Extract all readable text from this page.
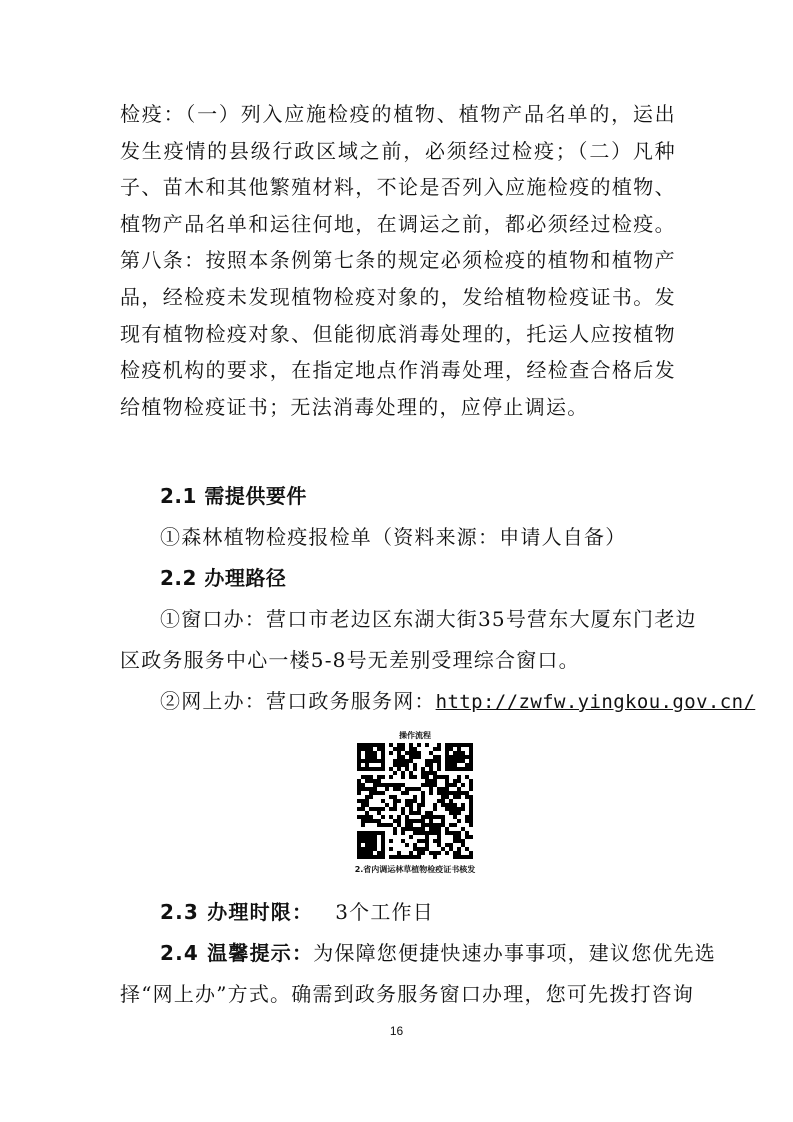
检疫：（一）列入应施检疫的植物、植物产品名单的，运出发生疫情的县级行政区域之前，必须经过检疫；（二）凡种子、苗木和其他繁殖材料，不论是否列入应施检疫的植物、植物产品名单和运往何地，在调运之前，都必须经过检疫。第八条：按照本条例第七条的规定必须检疫的植物和植物产品，经检疫未发现植物检疫对象的，发给植物检疫证书。发现有植物检疫对象、但能彻底消毒处理的，托运人应按植物检疫机构的要求，在指定地点作消毒处理，经检查合格后发给植物检疫证书；无法消毒处理的，应停止调运。

2.1 需提供要件
①森林植物检疫报检单（资料来源：申请人自备）
2.2 办理路径
①窗口办：营口市老边区东湖大街35号营东大厦东门老边
区政务服务中心一楼5-8号无差别受理综合窗口。
②网上办：营口政务服务网：http://zwfw.yingkou.gov.cn/
操作流程
2.省内调运林草植物检疫证书核发
2.3 办理时限： 3个工作日
2.4 温馨提示：为保障您便捷快速办事事项，建议您优先选
择“网上办”方式。确需到政务服务窗口办理，您可先拨打咨询
16
